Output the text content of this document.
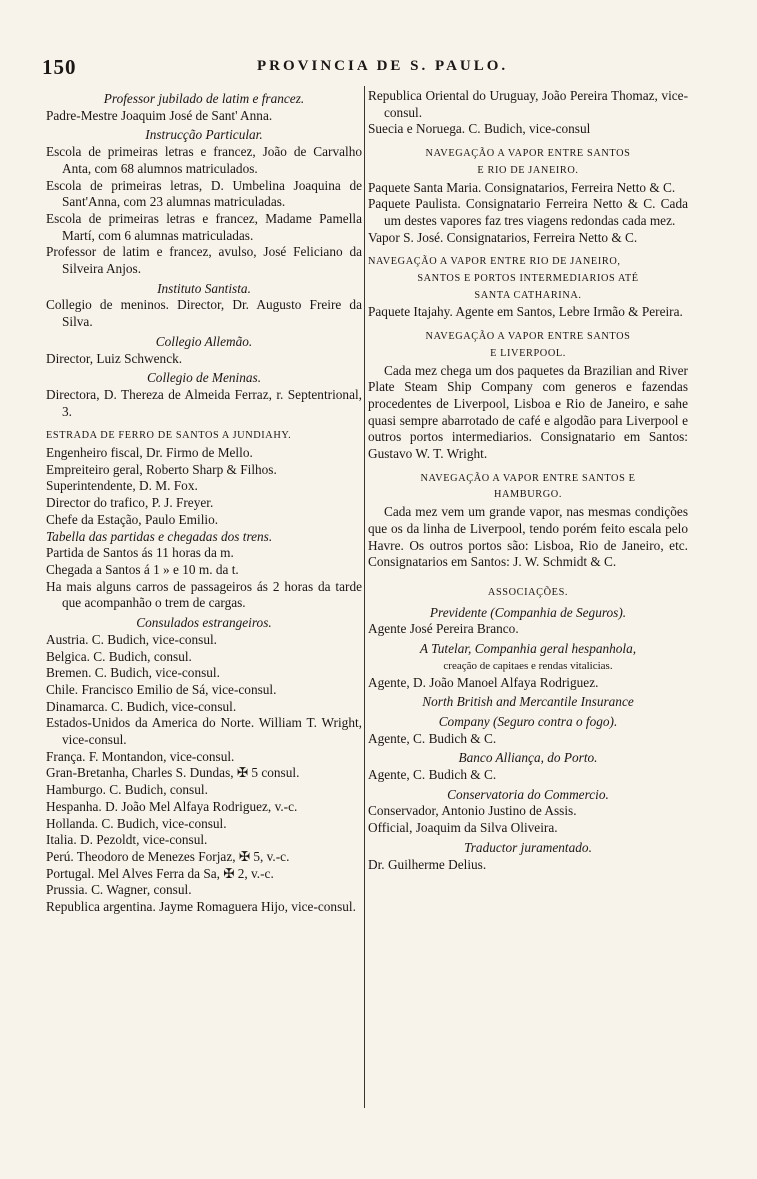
150	PROVINCIA DE S. PAULO.
Professor jubilado de latim e francez.
Padre-Mestre Joaquim José de Sant' Anna.
Instrucção Particular.
Escola de primeiras letras e francez, João de Carvalho Anta, com 68 alumnos matriculados.
Escola de primeiras letras, D. Umbelina Joaquina de Sant'Anna, com 23 alumnas matriculadas.
Escola de primeiras letras e francez, Madame Pamella Martí, com 6 alumnas matriculadas.
Professor de latim e francez, avulso, José Feliciano da Silveira Anjos.
Instituto Santista.
Collegio de meninos. Director, Dr. Augusto Freire da Silva.
Collegio Allemão.
Director, Luiz Schwenck.
Collegio de Meninas.
Directora, D. Thereza de Almeida Ferraz, r. Septentrional, 3.
ESTRADA DE FERRO DE SANTOS A JUNDIAHY.
Engenheiro fiscal, Dr. Firmo de Mello.
Empreiteiro geral, Roberto Sharp & Filhos.
Superintendente, D. M. Fox.
Director do trafico, P. J. Freyer.
Chefe da Estação, Paulo Emilio.
Tabella das partidas e chegadas dos trens.
Partida de Santos ás 11 horas da m.
Chegada a Santos á 1 » e 10 m. da t.
Ha mais alguns carros de passageiros ás 2 horas da tarde que acompanhão o trem de cargas.
Consulados estrangeiros.
Austria. C. Budich, vice-consul.
Belgica. C. Budich, consul.
Bremen. C. Budich, vice-consul.
Chile. Francisco Emilio de Sá, vice-consul.
Dinamarca. C. Budich, vice-consul.
Estados-Unidos da America do Norte. William T. Wright, vice-consul.
França. F. Montandon, vice-consul.
Gran-Bretanha, Charles S. Dundas, ✠ 5 consul.
Hamburgo. C. Budich, consul.
Hespanha. D. João Mel Alfaya Rodriguez, v.-c.
Hollanda. C. Budich, vice-consul.
Italia. D. Pezoldt, vice-consul.
Perú. Theodoro de Menezes Forjaz, ✠ 5, v.-c.
Portugal. Mel Alves Ferra da Sa, ✠ 2, v.-c.
Prussia. C. Wagner, consul.
Republica argentina. Jayme Romaguera Hijo, vice-consul.
Republica Oriental do Uruguay, João Pereira Thomaz, vice-consul.
Suecia e Noruega. C. Budich, vice-consul
NAVEGAÇÃO A VAPOR ENTRE SANTOS
E RIO DE JANEIRO.
Paquete Santa Maria. Consignatarios, Ferreira Netto & C.
Paquete Paulista. Consignatario Ferreira Netto & C. Cada um destes vapores faz tres viagens redondas cada mez.
Vapor S. José. Consignatarios, Ferreira Netto & C.
NAVEGAÇÃO A VAPOR ENTRE RIO DE JANEIRO,
SANTOS E PORTOS INTERMEDIARIOS ATÉ
SANTA CATHARINA.
Paquete Itajahy. Agente em Santos, Lebre Irmão & Pereira.
NAVEGAÇÃO A VAPOR ENTRE SANTOS
E LIVERPOOL.
Cada mez chega um dos paquetes da Brazilian and River Plate Steam Ship Company com generos e fazendas procedentes de Liverpool, Lisboa e Rio de Janeiro, e sahe quasi sempre abarrotado de café e algodão para Liverpool e outros portos intermediarios. Consignatario em Santos: Gustavo W. T. Wright.
NAVEGAÇÃO A VAPOR ENTRE SANTOS E
HAMBURGO.
Cada mez vem um grande vapor, nas mesmas condições que os da linha de Liverpool, tendo porém feito escala pelo Havre. Os outros portos são: Lisboa, Rio de Janeiro, etc. Consignatarios em Santos: J. W. Schmidt & C.
ASSOCIAÇÕES.
Previdente (Companhia de Seguros).
Agente José Pereira Branco.
A Tutelar, Companhia geral hespanhola,
creação de capitaes e rendas vitalicias.
Agente, D. João Manoel Alfaya Rodriguez.
North British and Mercantile Insurance
Company (Seguro contra o fogo).
Agente, C. Budich & C.
Banco Alliança, do Porto.
Agente, C. Budich & C.
Conservatoria do Commercio.
Conservador, Antonio Justino de Assis.
Official, Joaquim da Silva Oliveira.
Traductor juramentado.
Dr. Guilherme Delius.
